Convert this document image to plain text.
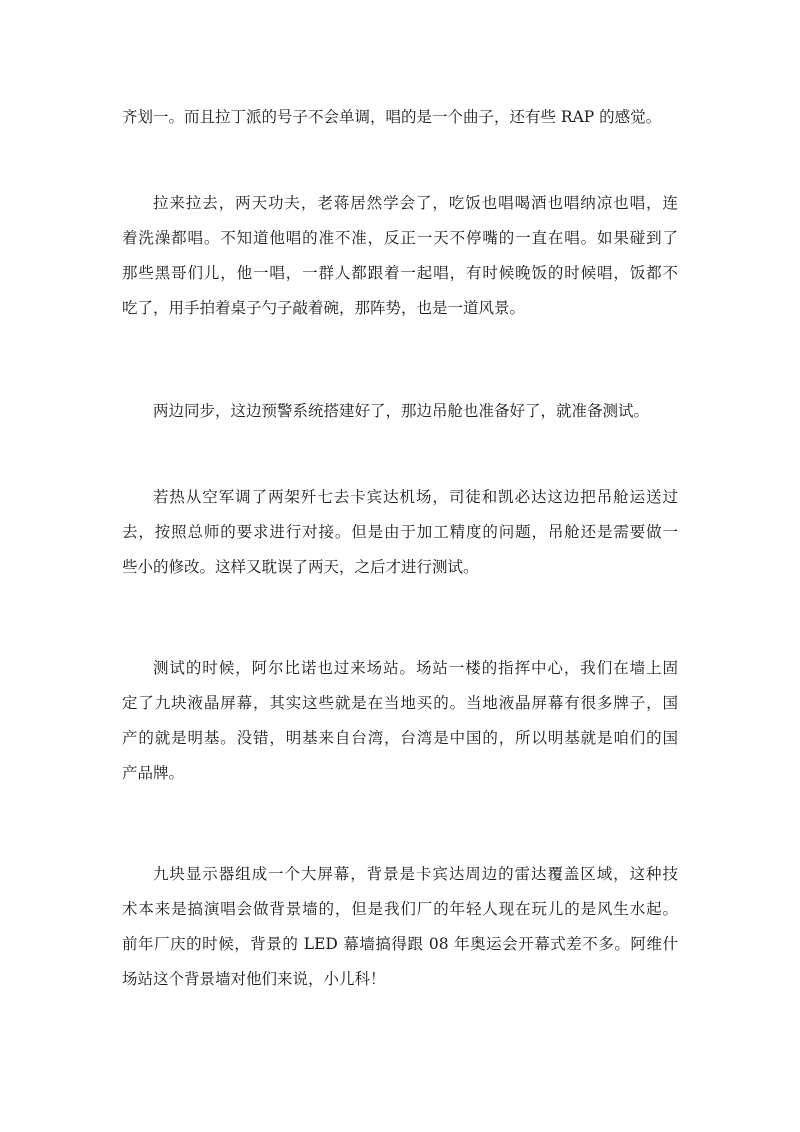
齐划一。而且拉丁派的号子不会单调，唱的是一个曲子，还有些 RAP 的感觉。
拉来拉去，两天功夫，老蒋居然学会了，吃饭也唱喝酒也唱纳凉也唱，连
着洗澡都唱。不知道他唱的准不准，反正一天不停嘴的一直在唱。如果碰到了
那些黑哥们儿，他一唱，一群人都跟着一起唱，有时候晚饭的时候唱，饭都不
吃了，用手拍着桌子勺子敲着碗，那阵势，也是一道风景。
两边同步，这边预警系统搭建好了，那边吊舱也准备好了，就准备测试。
若热从空军调了两架歼七去卡宾达机场，司徒和凯必达这边把吊舱运送过
去，按照总师的要求进行对接。但是由于加工精度的问题，吊舱还是需要做一
些小的修改。这样又耽误了两天，之后才进行测试。
测试的时候，阿尔比诺也过来场站。场站一楼的指挥中心，我们在墙上固
定了九块液晶屏幕，其实这些就是在当地买的。当地液晶屏幕有很多牌子，国
产的就是明基。没错，明基来自台湾，台湾是中国的，所以明基就是咱们的国
产品牌。
九块显示器组成一个大屏幕，背景是卡宾达周边的雷达覆盖区域，这种技
术本来是搞演唱会做背景墙的，但是我们厂的年轻人现在玩儿的是风生水起。
前年厂庆的时候，背景的 LED 幕墙搞得跟 08 年奥运会开幕式差不多。阿维什
场站这个背景墙对他们来说，小儿科！
